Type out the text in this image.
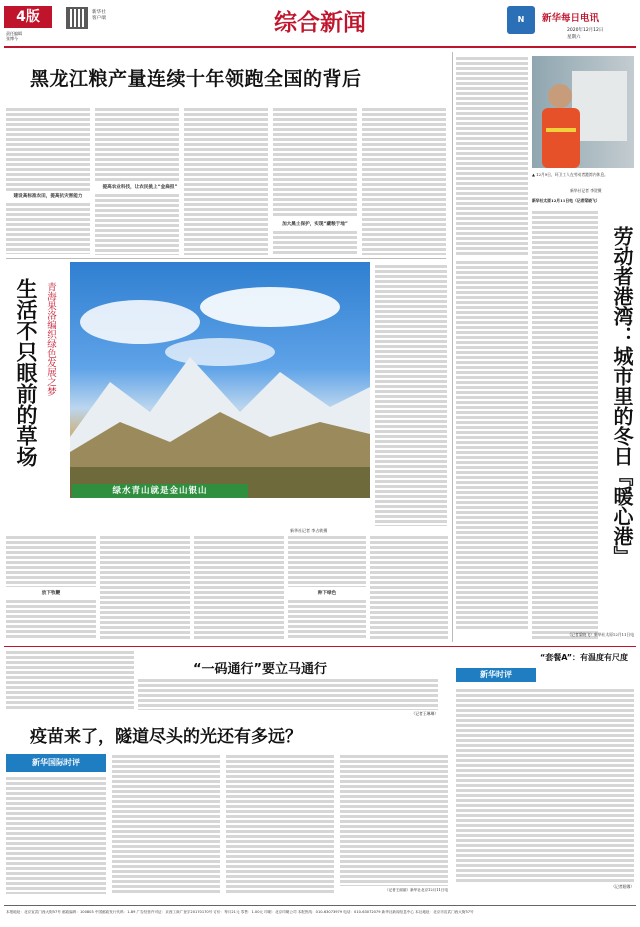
4版
责任编辑
张博今
新华社
客户端	综合新闻	N	新华每日电讯
2020年12月12日
星期六
黑龙江粮产量连续十年领跑全国的背后
建设高标准农田，提高抗灾害能力
提高农业科技，让农民挑上“金扁担”
加大黑土保护，实现“藏粮于地”
生活不只眼前的草场 青海果洛编织绿色发展之梦
绿水青山就是金山银山
新华社记者 李占轶摄
放下牧鞭	种下绿色
▲ 12月9日，环卫工人在劳动者港湾内休息。
新华社记者 李贺摄
新华社太原12月11日电（记者梁晓飞）
劳动者港湾：城市里的冬日『暖心港』
（记者梁晓飞）新华社太原12月11日电
“一码通行”要立马通行
（记者王琳琳）
新华时评
“套餐A”：有温度有尺度
（记者阳娜）
疫苗来了，隧道尽头的光还有多远？
新华国际时评
（记者王丽丽）新华社北京12月11日电
本报地址：北京宣武门西大街57号 邮政编码：100803 中国邮政发行代码：1-89 广告经营许可证：京西工商广登字20170170号 订价：每月21元 零售：1.00元 印刷：北京印刷公司 本报热线：010-63073979 电话：010-63072079 新华社新闻信息中心 本社地址：北京市宣武门西大街57号
